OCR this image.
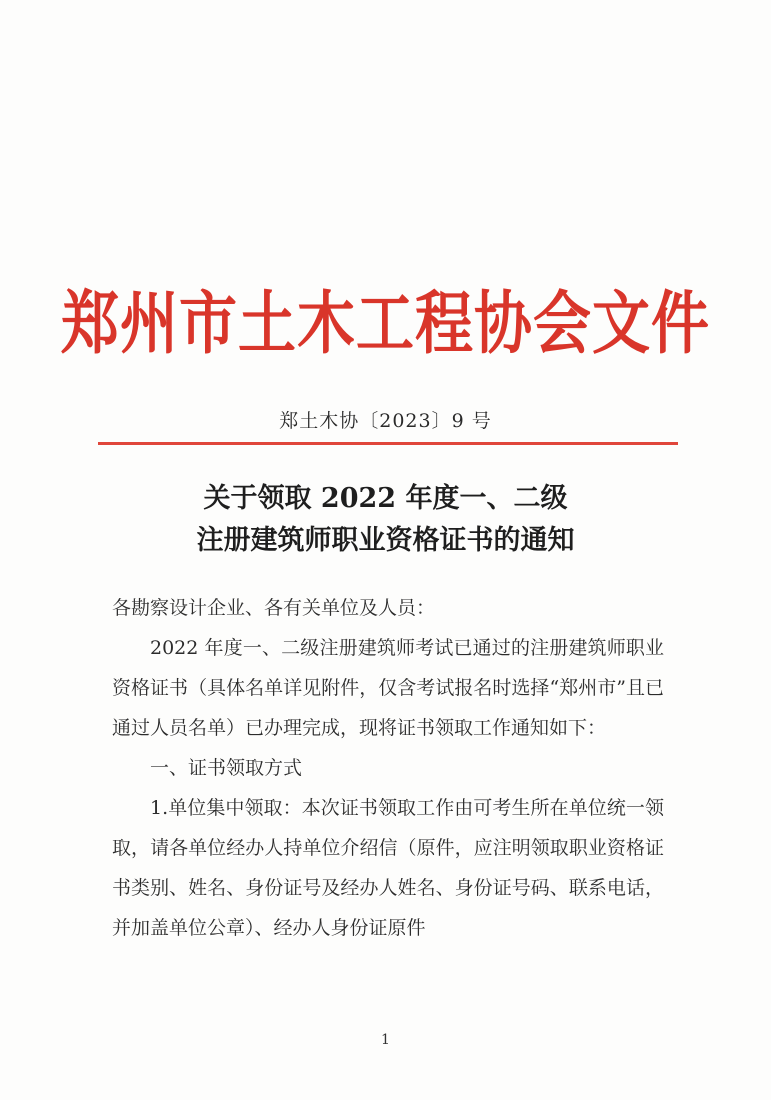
郑州市土木工程协会文件
郑土木协〔2023〕9 号
关于领取 2022 年度一、二级
注册建筑师职业资格证书的通知

各勘察设计企业、各有关单位及人员：

2022 年度一、二级注册建筑师考试已通过的注册建筑师职业资格证书（具体名单详见附件，仅含考试报名时选择“郑州市”且已通过人员名单）已办理完成，现将证书领取工作通知如下：

一、证书领取方式

1.单位集中领取：本次证书领取工作由可考生所在单位统一领取，请各单位经办人持单位介绍信（原件，应注明领取职业资格证书类别、姓名、身份证号及经办人姓名、身份证号码、联系电话，并加盖单位公章）、经办人身份证原件

1
